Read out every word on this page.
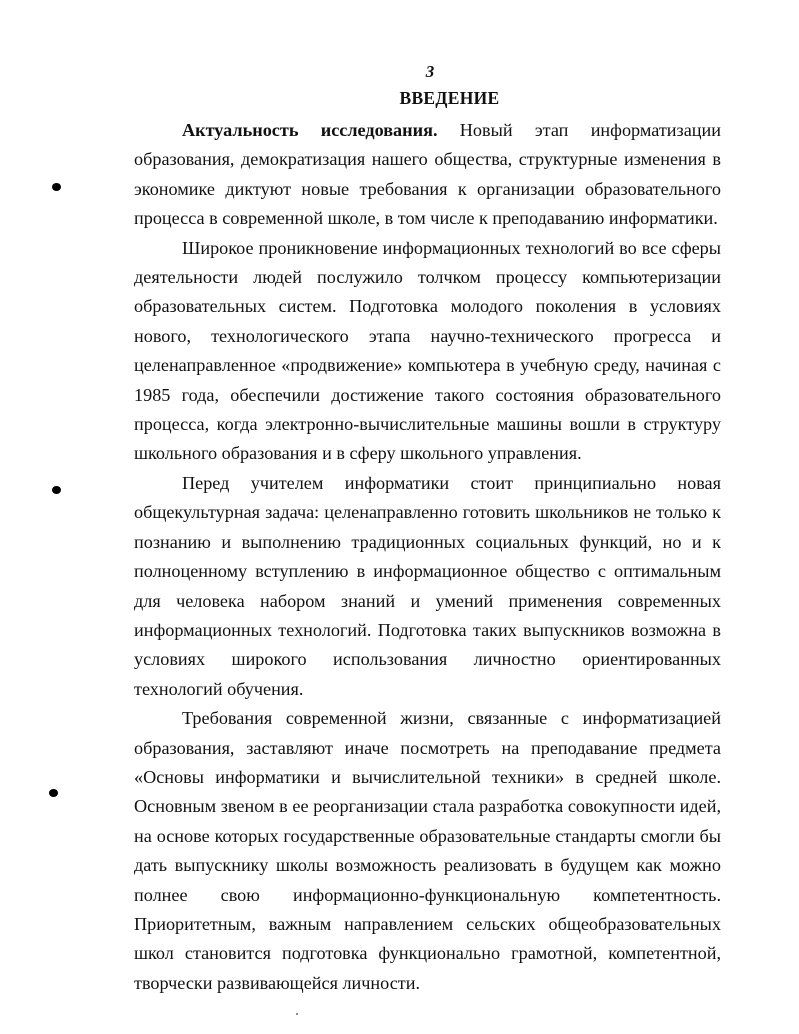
3
ВВЕДЕНИЕ

Актуальность исследования. Новый этап информатизации образования, демократизация нашего общества, структурные изменения в экономике диктуют новые требования к организации образовательного процесса в современной школе, в том числе к преподаванию информатики.

Широкое проникновение информационных технологий во все сферы деятельности людей послужило толчком процессу компьютеризации образовательных систем. Подготовка молодого поколения в условиях нового, технологического этапа научно-технического прогресса и целенаправленное «продвижение» компьютера в учебную среду, начиная с 1985 года, обеспечили достижение такого состояния образовательного процесса, когда электронно-вычислительные машины вошли в структуру школьного образования и в сферу школьного управления.

Перед учителем информатики стоит принципиально новая общекультурная задача: целенаправленно готовить школьников не только к познанию и выполнению традиционных социальных функций, но и к полноценному вступлению в информационное общество с оптимальным для человека набором знаний и умений применения современных информационных технологий. Подготовка таких выпускников возможна в условиях широкого использования личностно ориентированных технологий обучения.

Требования современной жизни, связанные с информатизацией образования, заставляют иначе посмотреть на преподавание предмета «Основы информатики и вычислительной техники» в средней школе. Основным звеном в ее реорганизации стала разработка совокупности идей, на основе которых государственные образовательные стандарты смогли бы дать выпускнику школы возможность реализовать в будущем как можно полнее свою информационно-функциональную компетентность. Приоритетным, важным направлением сельских общеобразовательных школ становится подготовка функционально грамотной, компетентной, творчески развивающейся личности.
